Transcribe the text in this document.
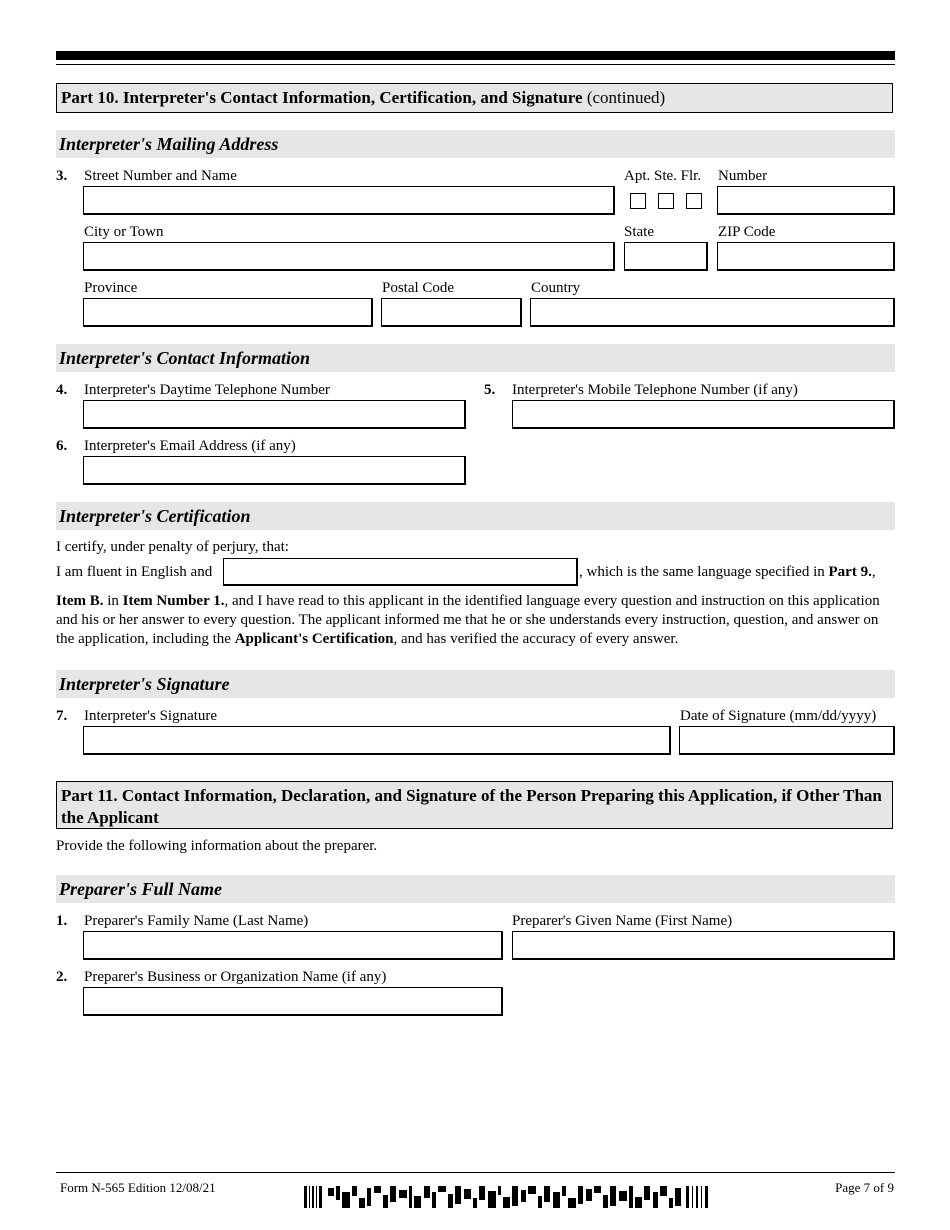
Part 10. Interpreter's Contact Information, Certification, and Signature (continued)
Interpreter's Mailing Address
3. Street Number and Name	Apt. Ste. Flr. Number
City or Town	State	ZIP Code
Province	Postal Code	Country
Interpreter's Contact Information
4. Interpreter's Daytime Telephone Number	5. Interpreter's Mobile Telephone Number (if any)
6. Interpreter's Email Address (if any)
Interpreter's Certification
I certify, under penalty of perjury, that:
I am fluent in English and	, which is the same language specified in Part 9.,
Item B. in Item Number 1., and I have read to this applicant in the identified language every question and instruction on this application and his or her answer to every question. The applicant informed me that he or she understands every instruction, question, and answer on the application, including the Applicant's Certification, and has verified the accuracy of every answer.
Interpreter's Signature
7. Interpreter's Signature	Date of Signature (mm/dd/yyyy)
Part 11. Contact Information, Declaration, and Signature of the Person Preparing this Application, if Other Than the Applicant
Provide the following information about the preparer.
Preparer's Full Name
1. Preparer's Family Name (Last Name)	Preparer's Given Name (First Name)
2. Preparer's Business or Organization Name (if any)
Form N-565 Edition 12/08/21	Page 7 of 9
